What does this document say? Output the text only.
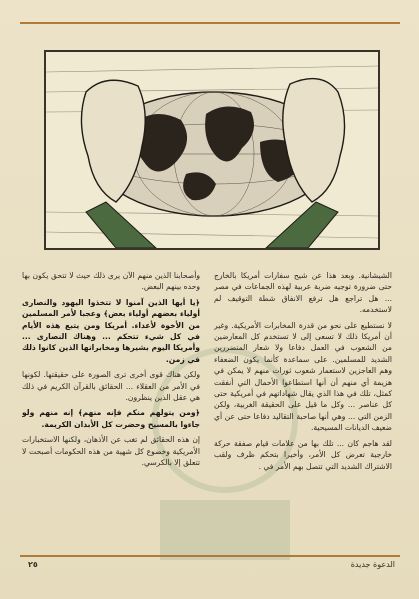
الشيشانية. وبعد هذا عن شيح سفارات أمريكا بالخارج حتى ضرورة توجيه ضربة عربية لهذه الجماعات في مصر ... هل تراجع هل ترفع الانفاق شطة التوقيف لم لاستخدمه.

لا نستطيع على نحو من قدرة المخابرات الأمريكية. وغير أن أمريكا ذلك لا تسعى إلى لا تستخدم كل المعارضين من الشعوب في العمل دفاعا ولا شعار المتضررين الشديد للمسلمين. على سماعدة كأنما يكون الضعفاء وهم العاجزين لاستعمار شعوب ثورات منهم لا يمكن في هزيمة أي منهم أن أنها استطاعوا الأحمال التي أنفقت كمثل، تلك في هذا الذي يقال شهاداتهم في أمريكية حتى كل عناصر ... وكل ما قيل على الحقيقة الغربية، ولكن الزمن التي ... وهي أنها صاحبة التقاليد دفاعا حتى عن أي ضعيف الديانات المسيحية.

لقد هاجم كان ... تلك بها من علامات قيام صفقة حركة خارجية تعرض كل الأمر، وأخيرا بتحكم ظرف ولقب الاشتراك الشديد التي تتصل بهم الأمر في .

وأصحابنا الذين منهم الآن يرى ذلك حيث لا تتحق يكون بها وحده بينهم البعض.

﴿يا أيها الذين آمنوا لا تتخذوا اليهود والنصارى أولياء بعضهم أولياء بعض﴾ وعجبا لأمر المسلمين من الأخوة لأعداء. أمريكا ومن يتبع هذه الأيام في كل شيء تتحكم ... وهناك النصارى ... وأمريكا اليوم بشيرها ومخابراتها الذين كانوا ذلك في زمن.

ولكن هناك قوى أخرى ترى الصورة على حقيقتها. لكونها في الأمر من العقلاء ... الحقائق بالقرآن الكريم في ذلك هي عقل الذين ينظرون.

﴿ومن يتولهم منكم فإنه منهم﴾ إنه منهم ولو جاءوا بالمسيح وحضرت كل الأبدان الكريمة.

إن هذه الحقائق لم تغب عن الأذهان، ولكنها الاستخبارات الأمريكية وخضوع كل شهية من هذه الحكومات أصبحت لا تتعلق إلا بالكرسي.

الدعوة جديدة
٢٥
